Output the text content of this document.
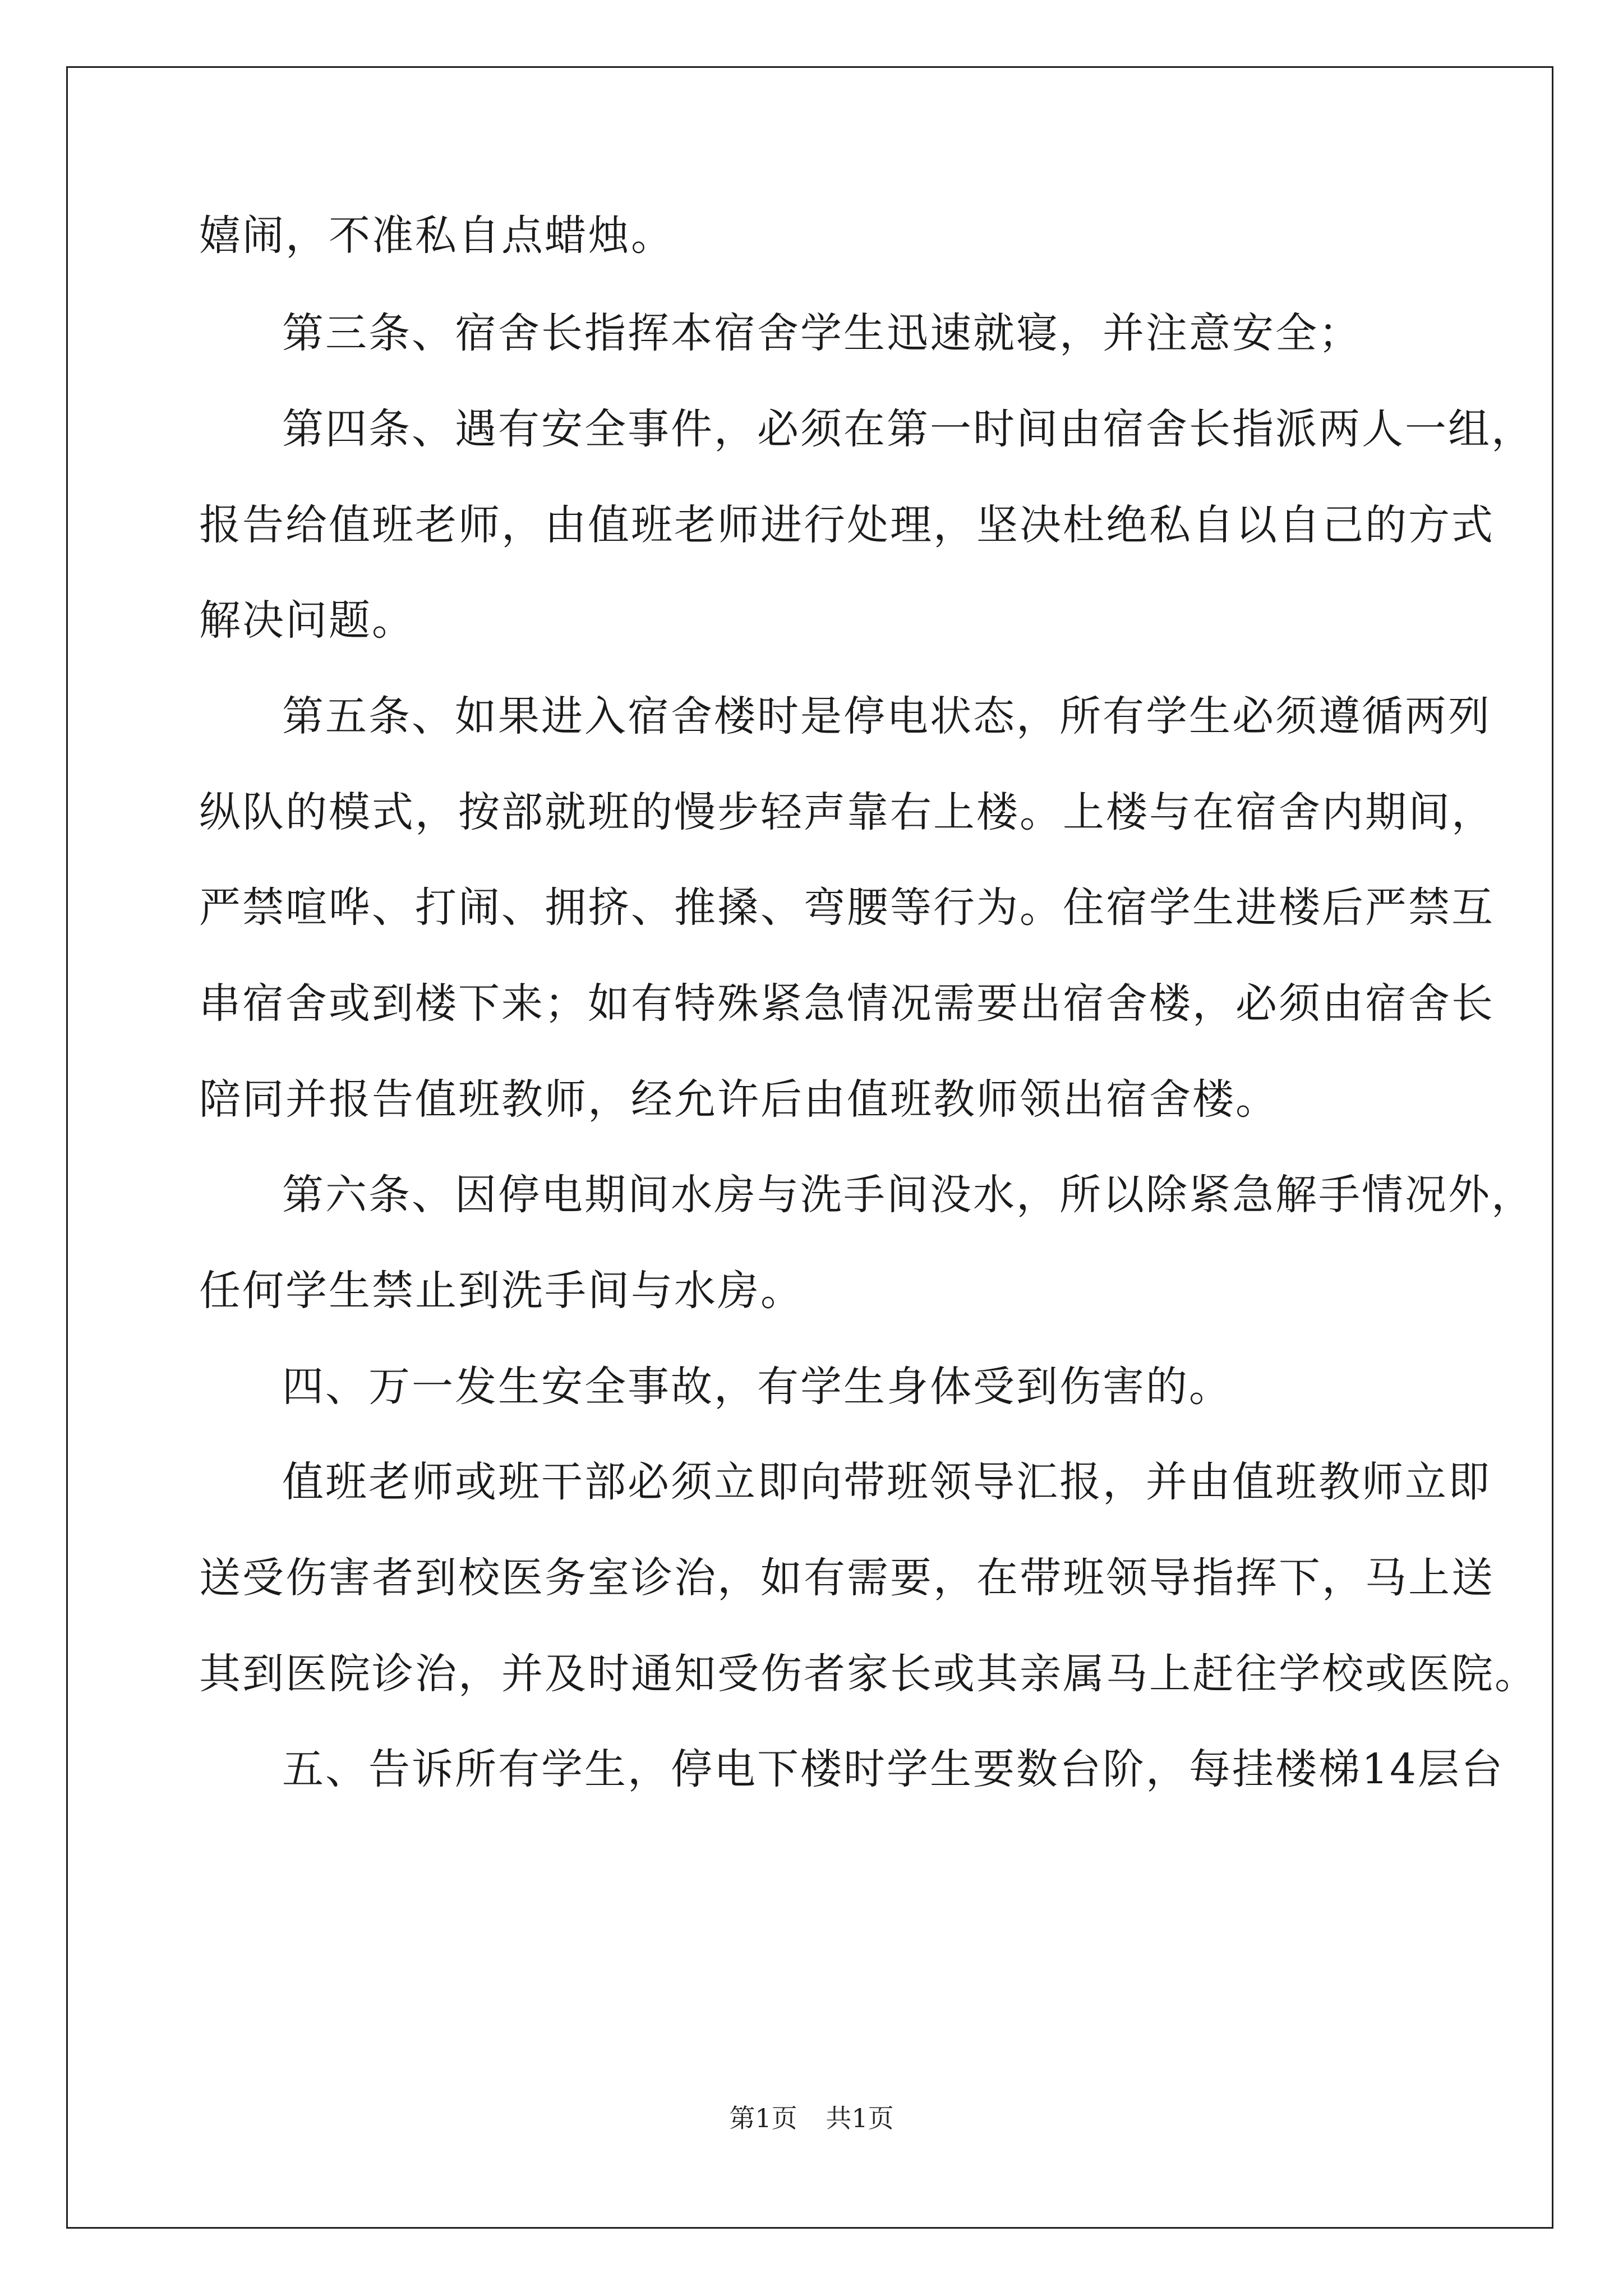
嬉闹，不准私自点蜡烛。
第三条、宿舍长指挥本宿舍学生迅速就寝，并注意安全；
第四条、遇有安全事件，必须在第一时间由宿舍长指派两人一组，
报告给值班老师，由值班老师进行处理，坚决杜绝私自以自己的方式
解决问题。
第五条、如果进入宿舍楼时是停电状态，所有学生必须遵循两列
纵队的模式，按部就班的慢步轻声靠右上楼。上楼与在宿舍内期间，
严禁喧哗、打闹、拥挤、推搡、弯腰等行为。住宿学生进楼后严禁互
串宿舍或到楼下来；如有特殊紧急情况需要出宿舍楼，必须由宿舍长
陪同并报告值班教师，经允许后由值班教师领出宿舍楼。
第六条、因停电期间水房与洗手间没水，所以除紧急解手情况外，
任何学生禁止到洗手间与水房。
四、万一发生安全事故，有学生身体受到伤害的。
值班老师或班干部必须立即向带班领导汇报，并由值班教师立即
送受伤害者到校医务室诊治，如有需要，在带班领导指挥下，马上送
其到医院诊治，并及时通知受伤者家长或其亲属马上赶往学校或医院。
五、告诉所有学生，停电下楼时学生要数台阶，每挂楼梯14层台
第1页 共1页
